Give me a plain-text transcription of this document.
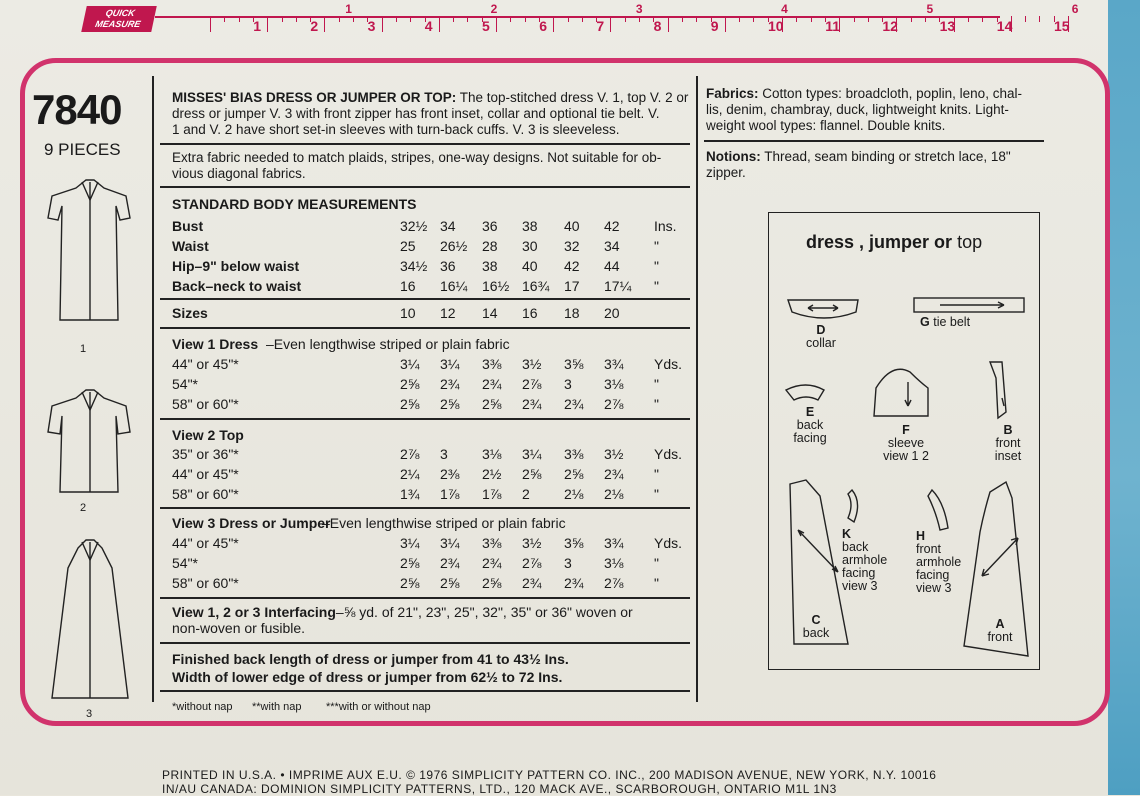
QUICK
MEASURE	1	2	3	4	5	6	7	8	9	10	11	12	13	14	15
1	2	3	4	5	6
7840
9 PIECES
1
2
3
MISSES' BIAS DRESS OR JUMPER OR TOP: The top-stitched dress V. 1, top V. 2 or
dress or jumper V. 3 with front zipper has front inset, collar and optional tie belt. V.
1 and V. 2 have short set-in sleeves with turn-back cuffs. V. 3 is sleeveless.
Extra fabric needed to match plaids, stripes, one-way designs. Not suitable for ob-
vious diagonal fabrics.
STANDARD BODY MEASUREMENTS
Bust	32½ 34 36 38 40 42 Ins.
Waist	25 26½ 28 30 32 34 "
Hip–9" below waist	34½ 36 38 40 42 44 "
Back–neck to waist	16 16¼ 16½ 16¾ 17 17¼ "
Sizes	10 12 14 16 18 20
View 1 Dress –Even lengthwise striped or plain fabric
44" or 45"*	3¼ 3¼ 3⅜ 3½ 3⅝ 3¾ Yds.
54"*	2⅝ 2¾ 2¾ 2⅞ 3 3⅛ "
58" or 60"*	2⅝ 2⅝ 2⅝ 2¾ 2¾ 2⅞ "
View 2 Top
35" or 36"*	2⅞ 3 3⅛ 3¼ 3⅜ 3½ Yds.
44" or 45"*	2¼ 2⅜ 2½ 2⅝ 2⅝ 2¾ "
58" or 60"*	1¾ 1⅞ 1⅞ 2 2⅛ 2⅛ "
View 3 Dress or Jumper
–Even lengthwise striped or plain fabric
44" or 45"*	3¼ 3¼ 3⅜ 3½ 3⅝ 3¾ Yds.
54"*	2⅝ 2¾ 2¾ 2⅞ 3 3⅛ "
58" or 60"*	2⅝ 2⅝ 2⅝ 2¾ 2¾ 2⅞ "
View 1, 2 or 3 Interfacing–⅝ yd. of 21", 23", 25", 32", 35" or 36" woven or
non-woven or fusible.
Finished back length of dress or jumper from 41 to 43½ Ins.
Width of lower edge of dress or jumper from 62½ to 72 Ins.
*without nap **with nap ***with or without nap
Fabrics: Cotton types: broadcloth, poplin, leno, chal-
lis, denim, chambray, duck, lightweight knits. Light-
weight wool types: flannel. Double knits.
Notions: Thread, seam binding or stretch lace, 18"
zipper.
dress , jumper or top
D
collar
G tie belt
E
back facing
F
sleeve
view 1 2
B
front inset
K
back armhole facing
view 3
H
front armhole facing
view 3
C
back
A
front
PRINTED IN U.S.A. • IMPRIME AUX E.U. © 1976 SIMPLICITY PATTERN CO. INC., 200 MADISON AVENUE, NEW YORK, N.Y. 10016
IN/AU CANADA: DOMINION SIMPLICITY PATTERNS, LTD., 120 MACK AVE., SCARBOROUGH, ONTARIO M1L 1N3
